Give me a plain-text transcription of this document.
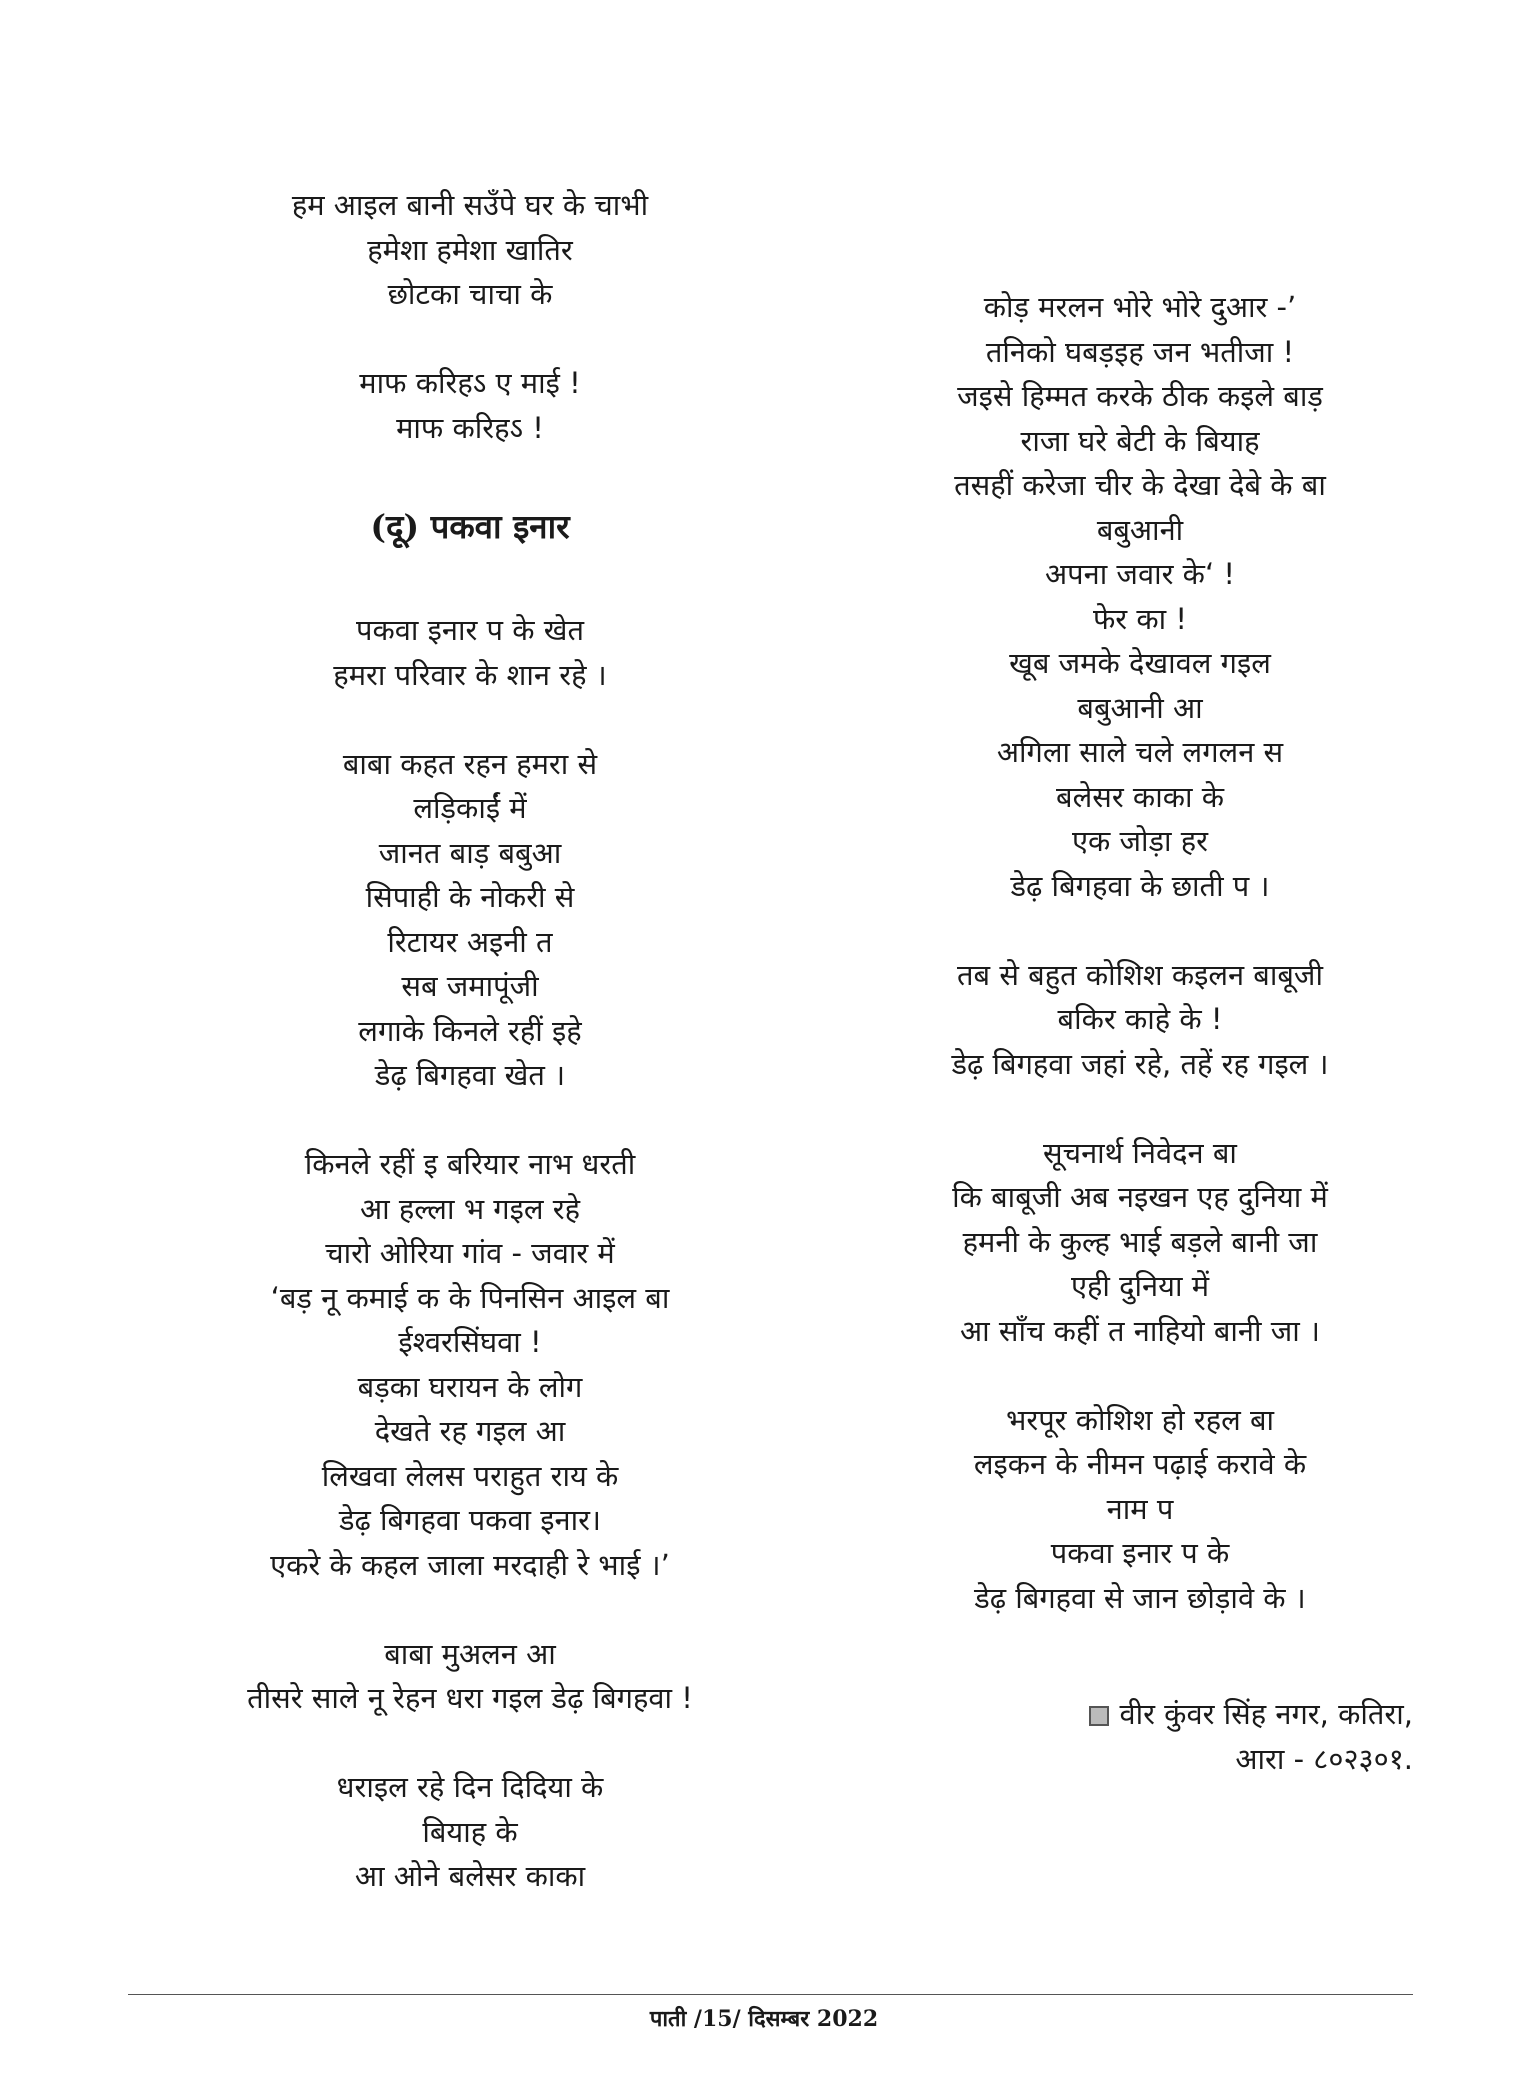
हम आइल बानी सउँपे घर के चाभी
हमेशा हमेशा खातिर
छोटका चाचा के
माफ करिहऽ ए माई !
माफ करिहऽ !
(दू) पकवा इनार
पकवा इनार प के खेत
हमरा परिवार के शान रहे ।
बाबा कहत रहन हमरा से
लड़िकाईं में
जानत बाड़ बबुआ
सिपाही के नोकरी से
रिटायर अइनी त
सब जमापूंजी
लगाके किनले रहीं इहे
डेढ़ बिगहवा खेत ।
किनले रहीं इ बरियार नाभ धरती
आ हल्ला भ गइल रहे
चारो ओरिया गांव - जवार में
‘बड़ नू कमाई क के पिनसिन आइल बा
ईश्वरसिंघवा !
बड़का घरायन के लोग
देखते रह गइल आ
लिखवा लेलस पराहुत राय के
डेढ़ बिगहवा पकवा इनार।
एकरे के कहल जाला मरदाही रे भाई ।’
बाबा मुअलन आ
तीसरे साले नू रेहन धरा गइल डेढ़ बिगहवा !
धराइल रहे दिन दिदिया के
बियाह के
आ ओने बलेसर काका
कोड़ मरलन भोरे भोरे दुआर -’
तनिको घबड़इह जन भतीजा !
जइसे हिम्मत करके ठीक कइले बाड़
राजा घरे बेटी के बियाह
तसहीं करेजा चीर के देखा देबे के बा
बबुआनी
अपना जवार के‘ !
फेर का !
खूब जमके देखावल गइल
बबुआनी आ
अगिला साले चले लगलन स
बलेसर काका के
एक जोड़ा हर
डेढ़ बिगहवा के छाती प ।
तब से बहुत कोशिश कइलन बाबूजी
बकिर काहे के !
डेढ़ बिगहवा जहां रहे, तहें रह गइल ।
सूचनार्थ निवेदन बा
कि बाबूजी अब नइखन एह दुनिया में
हमनी के कुल्ह भाई बड़ले बानी जा
एही दुनिया में
आ साँच कहीं त नाहियो बानी जा ।
भरपूर कोशिश हो रहल बा
लइकन के नीमन पढ़ाई करावे के
नाम प
पकवा इनार प के
डेढ़ बिगहवा से जान छोड़ावे के ।
वीर कुंवर सिंह नगर, कतिरा,
आरा - ८०२३०१.
पाती /15/ दिसम्बर 2022
